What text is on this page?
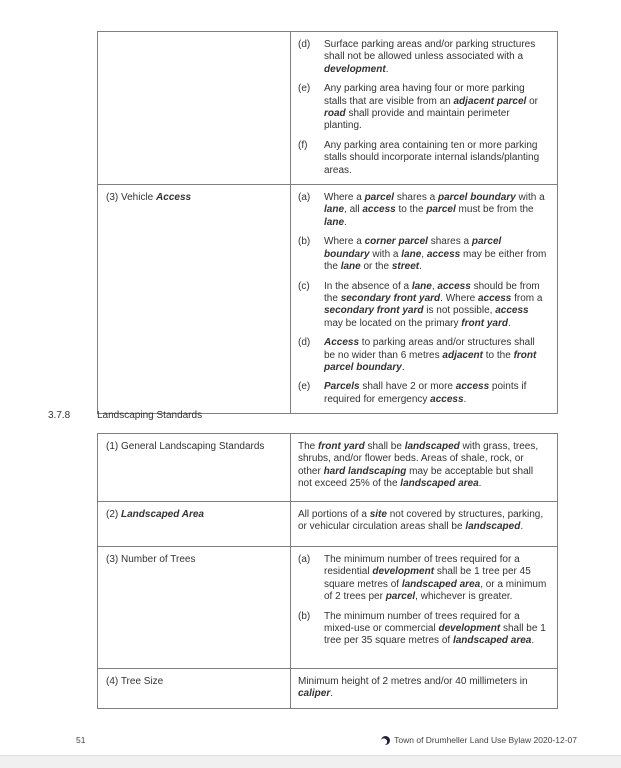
(d)	Surface parking areas and/or parking structures shall not be allowed unless associated with a development.
(e)	Any parking area having four or more parking stalls that are visible from an adjacent parcel or road shall provide and maintain perimeter planting.
(f)	Any parking area containing ten or more parking stalls should incorporate internal islands/planting areas.
(3) Vehicle Access	(a)	Where a parcel shares a parcel boundary with a lane, all access to the parcel must be from the lane.
(b)	Where a corner parcel shares a parcel boundary with a lane, access may be either from the lane or the street.
(c)	In the absence of a lane, access should be from the secondary front yard. Where access from a secondary front yard is not possible, access may be located on the primary front yard.
(d)	Access to parking areas and/or structures shall be no wider than 6 metres adjacent to the front parcel boundary.
(e)	Parcels shall have 2 or more access points if required for emergency access.
3.7.8	Landscaping Standards
(1) General Landscaping Standards	The front yard shall be landscaped with grass, trees, shrubs, and/or flower beds. Areas of shale, rock, or other hard landscaping may be acceptable but shall not exceed 25% of the landscaped area.
(2) Landscaped Area	All portions of a site not covered by structures, parking, or vehicular circulation areas shall be landscaped.
(3) Number of Trees	(a)	The minimum number of trees required for a residential development shall be 1 tree per 45 square metres of landscaped area, or a minimum of 2 trees per parcel, whichever is greater.
(b)	The minimum number of trees required for a mixed-use or commercial development shall be 1 tree per 35 square metres of landscaped area.
(4) Tree Size	Minimum height of 2 metres and/or 40 millimeters in caliper.
51	Town of Drumheller Land Use Bylaw 2020-12-07
